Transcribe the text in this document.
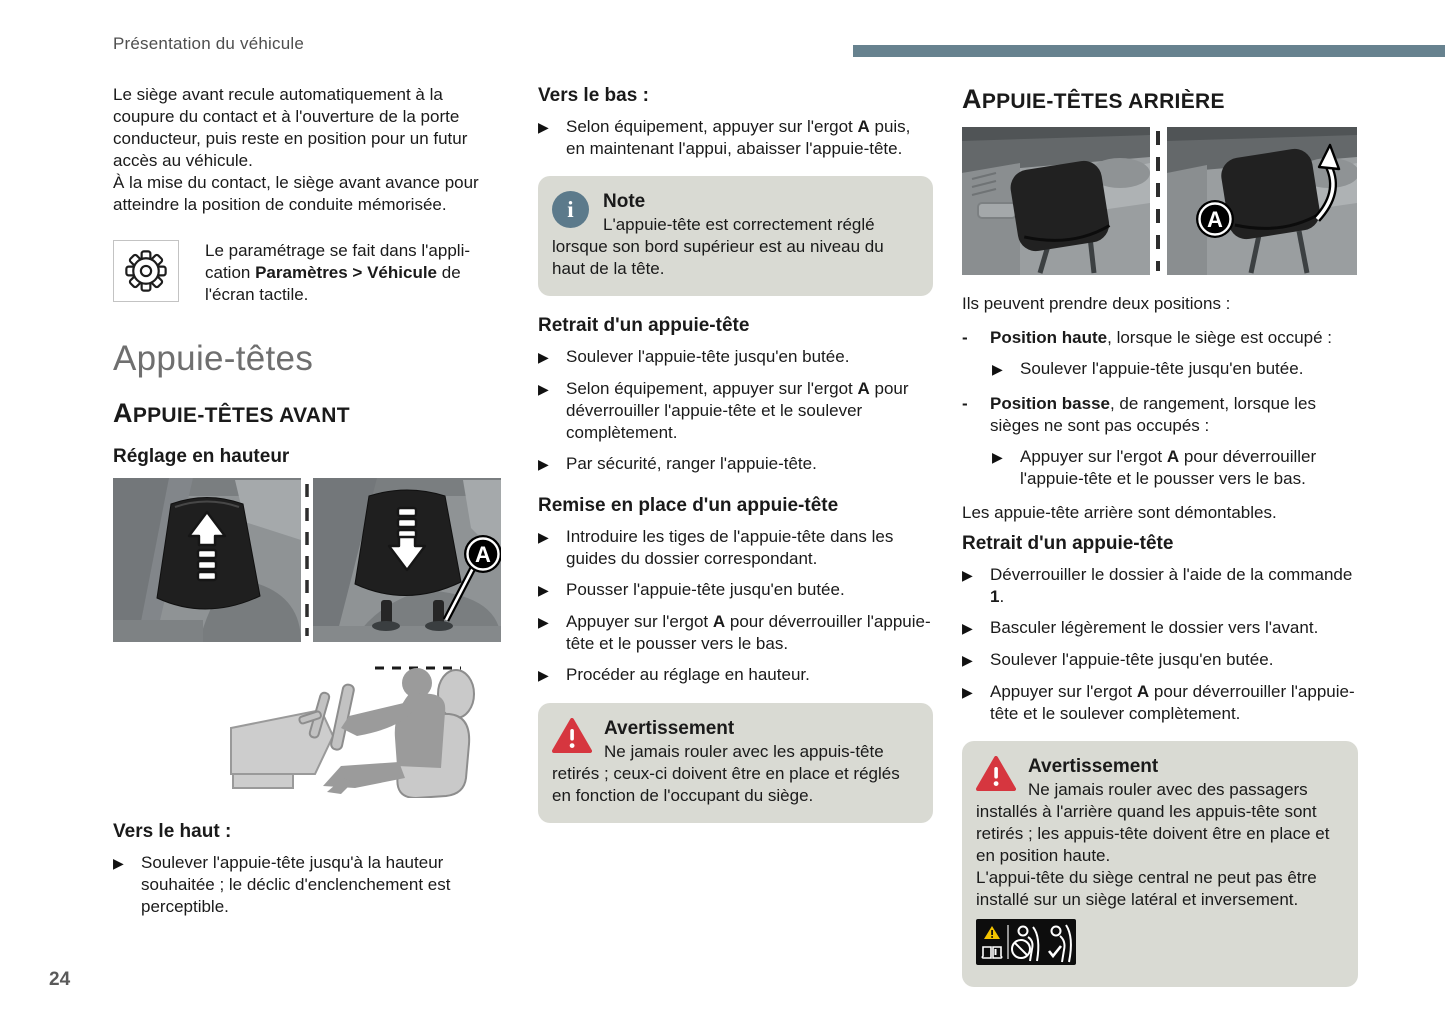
Présentation du véhicule
Le siège avant recule automatiquement à la coupure du contact et à l'ouverture de la porte conducteur, puis reste en position pour un futur accès au véhicule.
À la mise du contact, le siège avant avance pour atteindre la position de conduite mémorisée.
Le paramétrage se fait dans l'application Paramètres > Véhicule de l'écran tactile.
Appuie-têtes
APPUIE-TÊTES AVANT
Réglage en hauteur
A
Vers le haut :
▶
Soulever l'appuie-tête jusqu'à la hauteur souhaitée ; le déclic d'enclenchement est perceptible.
Vers le bas :
▶
Selon équipement, appuyer sur l'ergot A puis, en maintenant l'appui, abaisser l'appuie-tête.
i	Note
L'appuie-tête est correctement réglé lorsque son bord supérieur est au niveau du haut de la tête.
Retrait d'un appuie-tête
▶
Soulever l'appuie-tête jusqu'en butée.
▶
Selon équipement, appuyer sur l'ergot A pour déverrouiller l'appuie-tête et le soulever complètement.
▶
Par sécurité, ranger l'appuie-tête.
Remise en place d'un appuie-tête
▶
Introduire les tiges de l'appuie-tête dans les guides du dossier correspondant.
▶
Pousser l'appuie-tête jusqu'en butée.
▶
Appuyer sur l'ergot A pour déverrouiller l'appuie-tête et le pousser vers le bas.
▶
Procéder au réglage en hauteur.
Avertissement
Ne jamais rouler avec les appuis-tête retirés ; ceux-ci doivent être en place et réglés en fonction de l'occupant du siège.
APPUIE-TÊTES ARRIÈRE
A
Ils peuvent prendre deux positions :
-
Position haute, lorsque le siège est occupé :
▶
Soulever l'appuie-tête jusqu'en butée.
-
Position basse, de rangement, lorsque les sièges ne sont pas occupés :
▶
Appuyer sur l'ergot A pour déverrouiller l'appuie-tête et le pousser vers le bas.
Les appuie-tête arrière sont démontables.
Retrait d'un appuie-tête
▶
Déverrouiller le dossier à l'aide de la commande 1.
▶
Basculer légèrement le dossier vers l'avant.
▶
Soulever l'appuie-tête jusqu'en butée.
▶
Appuyer sur l'ergot A pour déverrouiller l'appuie-tête et le soulever complètement.
Avertissement
Ne jamais rouler avec des passagers installés à l'arrière quand les appuis-tête sont retirés ; les appuis-tête doivent être en place et en position haute.
L'appui-tête du siège central ne peut pas être installé sur un siège latéral et inversement.
24
